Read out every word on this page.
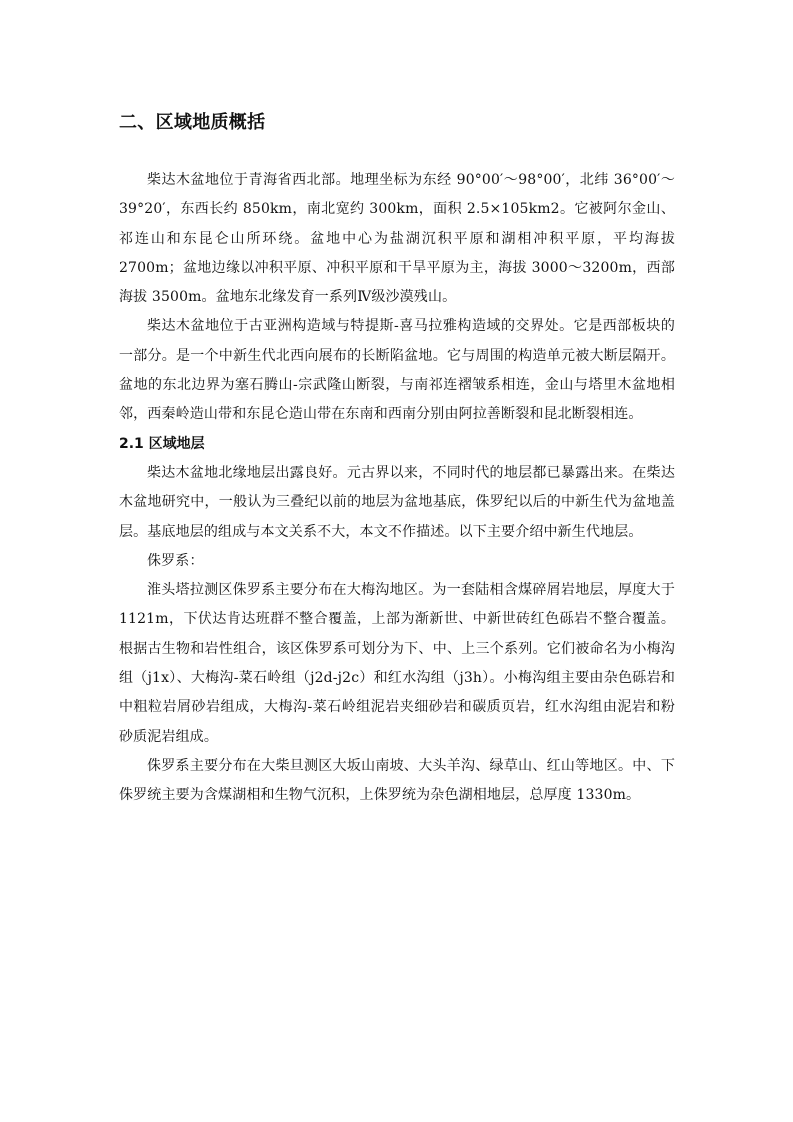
二、区域地质概括

柴达木盆地位于青海省西北部。地理坐标为东经 90°00′～98°00′，北纬 36°00′～39°20′，东西长约 850km，南北宽约 300km，面积 2.5×105km2。它被阿尔金山、祁连山和东昆仑山所环绕。盆地中心为盐湖沉积平原和湖相冲积平原，平均海拔 2700m；盆地边缘以冲积平原、冲积平原和干旱平原为主，海拔 3000～3200m，西部海拔 3500m。盆地东北缘发育一系列Ⅳ级沙漠残山。

柴达木盆地位于古亚洲构造域与特提斯-喜马拉雅构造域的交界处。它是西部板块的一部分。是一个中新生代北西向展布的长断陷盆地。它与周围的构造单元被大断层隔开。盆地的东北边界为塞石腾山-宗武隆山断裂，与南祁连褶皱系相连，金山与塔里木盆地相邻，西秦岭造山带和东昆仑造山带在东南和西南分别由阿拉善断裂和昆北断裂相连。

2.1 区域地层

柴达木盆地北缘地层出露良好。元古界以来，不同时代的地层都已暴露出来。在柴达木盆地研究中，一般认为三叠纪以前的地层为盆地基底，侏罗纪以后的中新生代为盆地盖层。基底地层的组成与本文关系不大，本文不作描述。以下主要介绍中新生代地层。

侏罗系：

淮头塔拉测区侏罗系主要分布在大梅沟地区。为一套陆相含煤碎屑岩地层，厚度大于 1121m，下伏达肯达班群不整合覆盖，上部为渐新世、中新世砖红色砾岩不整合覆盖。根据古生物和岩性组合，该区侏罗系可划分为下、中、上三个系列。它们被命名为小梅沟组（j1x）、大梅沟-菜石岭组（j2d-j2c）和红水沟组（j3h）。小梅沟组主要由杂色砾岩和中粗粒岩屑砂岩组成，大梅沟-菜石岭组泥岩夹细砂岩和碳质页岩，红水沟组由泥岩和粉砂质泥岩组成。

侏罗系主要分布在大柴旦测区大坂山南坡、大头羊沟、绿草山、红山等地区。中、下侏罗统主要为含煤湖相和生物气沉积，上侏罗统为杂色湖相地层，总厚度 1330m。
